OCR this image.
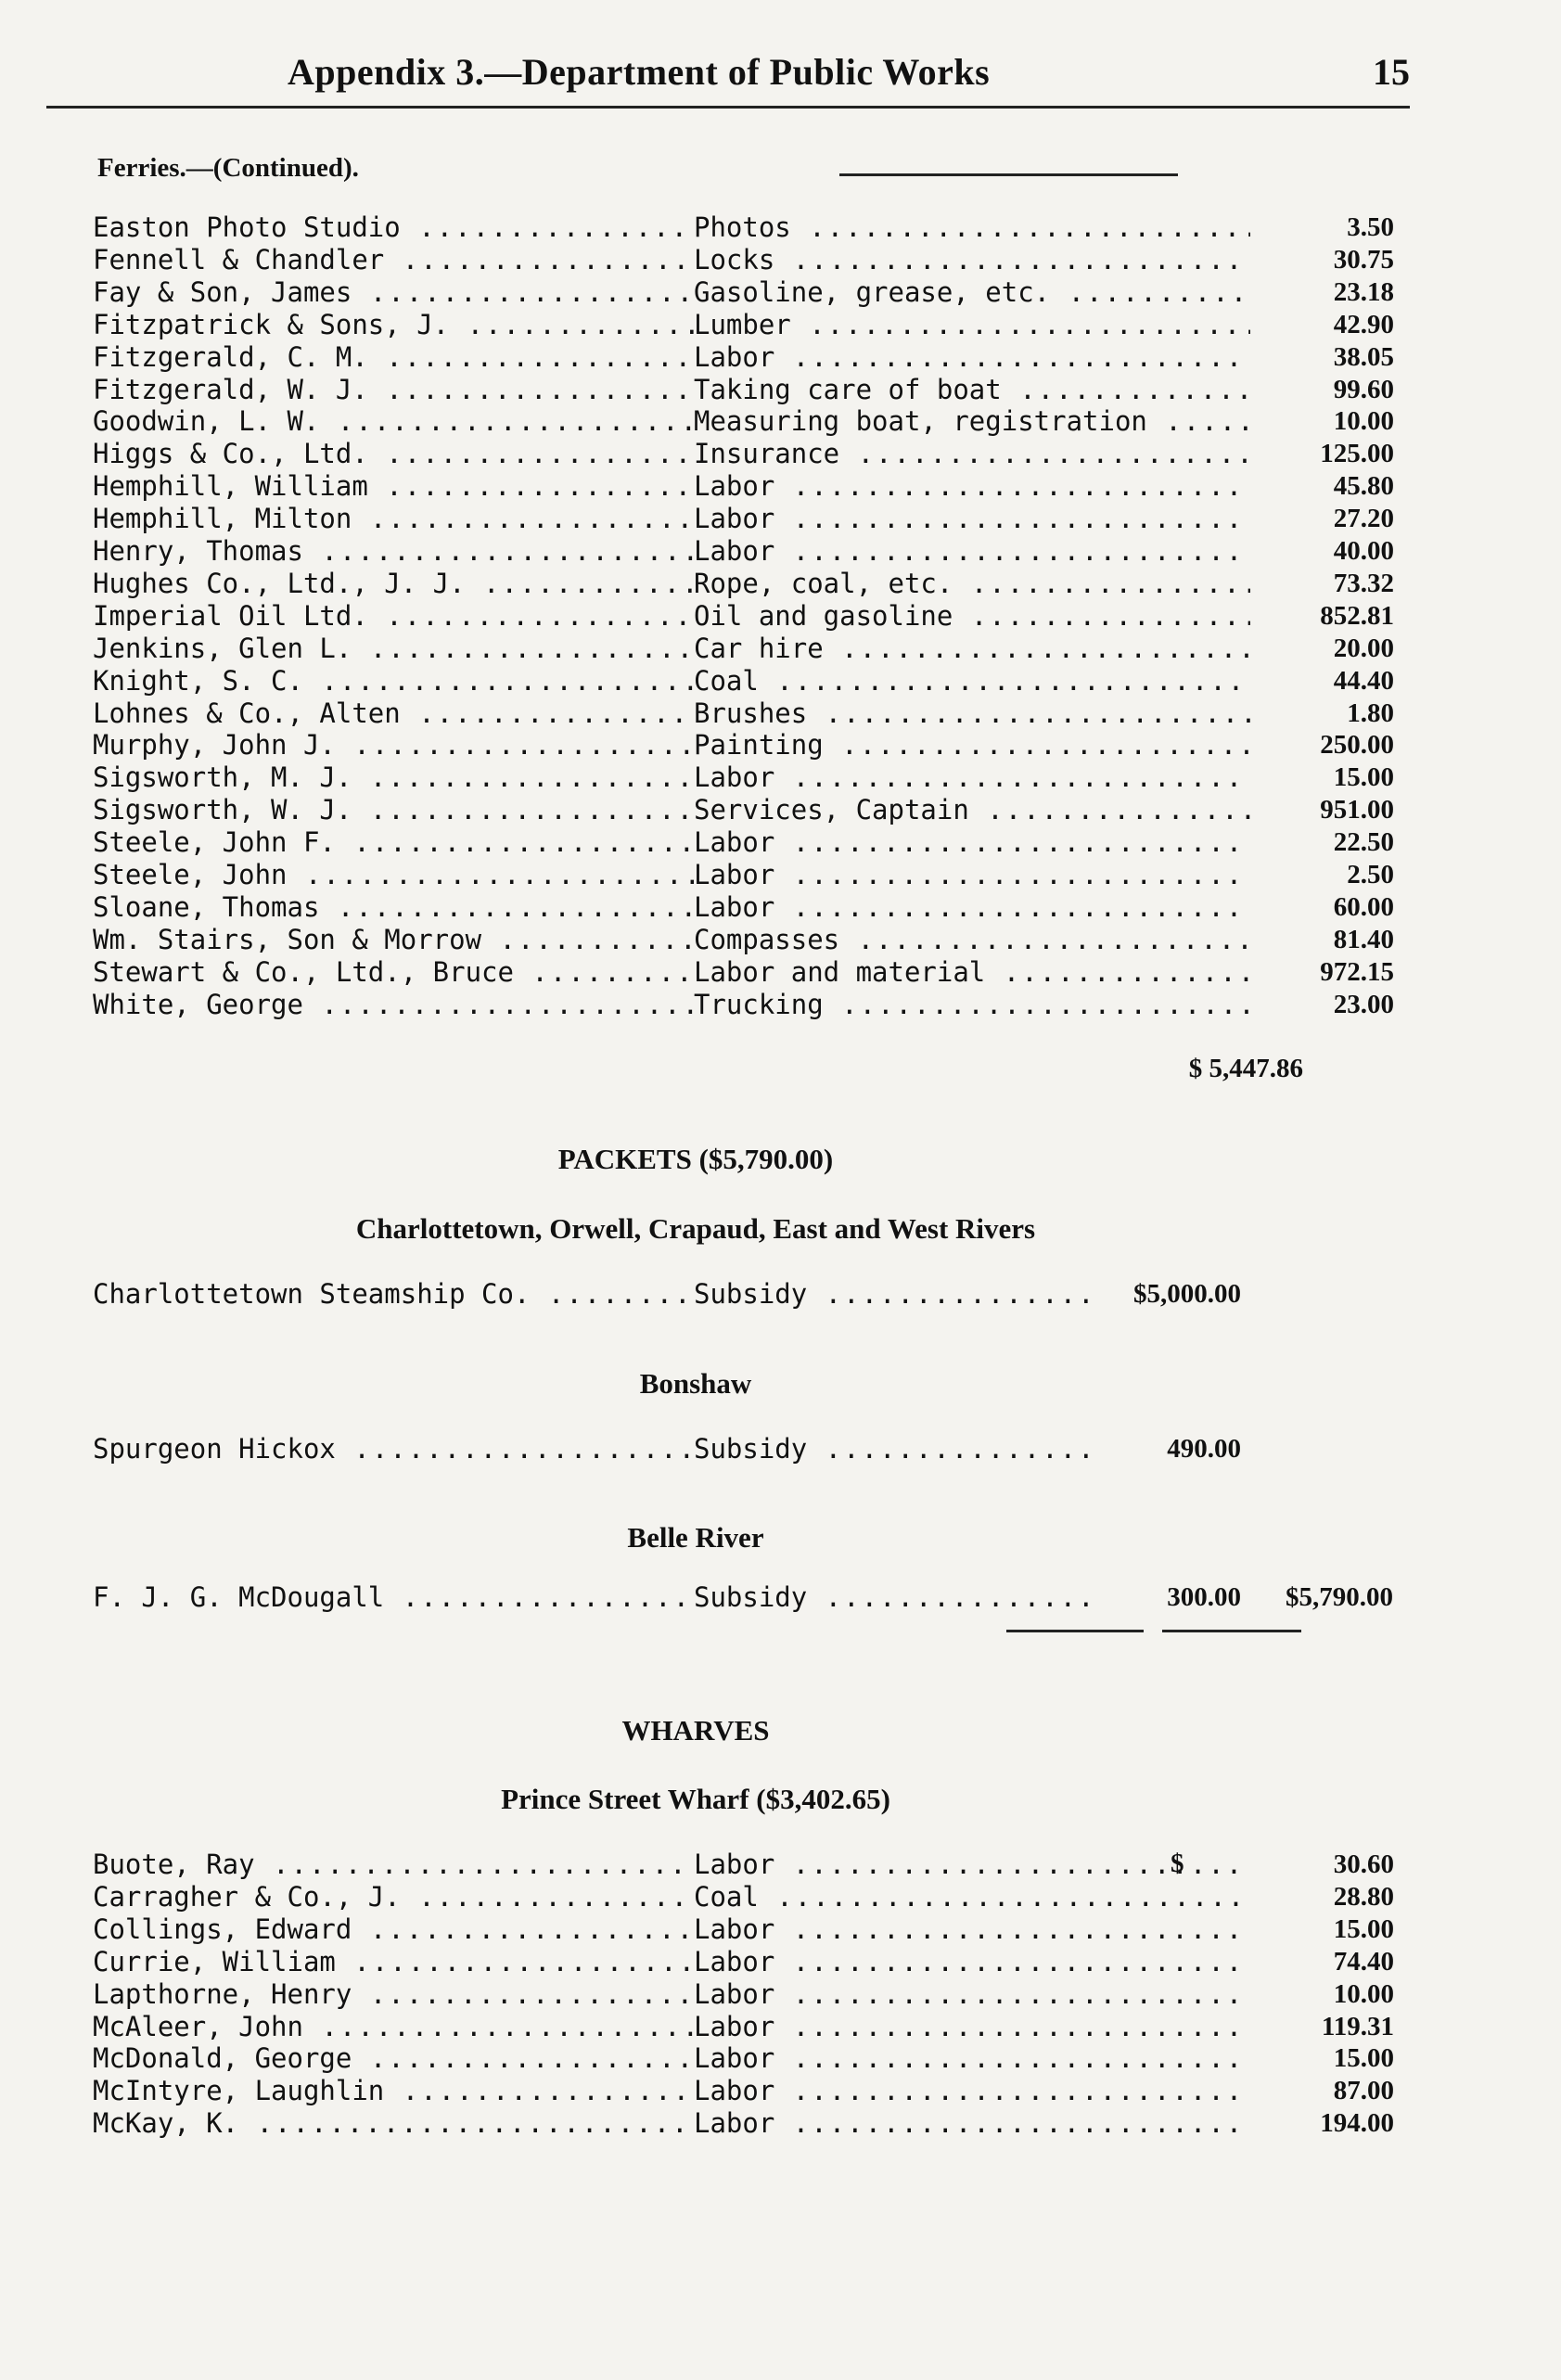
Appendix 3.—Department of Public Works	15
Ferries.—(Continued).
Easton Photo Studio .....	Photos .....	3.50
Fennell & Chandler .....	Locks .....	30.75
Fay & Son, James .....	Gasoline, grease, etc. .....	23.18
Fitzpatrick & Sons, J. .....	Lumber .....	42.90
Fitzgerald, C. M. .....	Labor .....	38.05
Fitzgerald, W. J. .....	Taking care of boat .....	99.60
Goodwin, L. W. .....	Measuring boat, registration .....	10.00
Higgs & Co., Ltd. .....	Insurance .....	125.00
Hemphill, William .....	Labor .....	45.80
Hemphill, Milton .....	Labor .....	27.20
Henry, Thomas .....	Labor .....	40.00
Hughes Co., Ltd., J. J. .....	Rope, coal, etc. .....	73.32
Imperial Oil Ltd. .....	Oil and gasoline .....	852.81
Jenkins, Glen L. .....	Car hire .....	20.00
Knight, S. C. .....	Coal .....	44.40
Lohnes & Co., Alten .....	Brushes .....	1.80
Murphy, John J. .....	Painting .....	250.00
Sigsworth, M. J. .....	Labor .....	15.00
Sigsworth, W. J. .....	Services, Captain .....	951.00
Steele, John F. .....	Labor .....	22.50
Steele, John .....	Labor .....	2.50
Sloane, Thomas .....	Labor .....	60.00
Wm. Stairs, Son & Morrow .....	Compasses .....	81.40
Stewart & Co., Ltd., Bruce .....	Labor and material .....	972.15
White, George .....	Trucking .....	23.00
$ 5,447.86
PACKETS ($5,790.00)
Charlottetown, Orwell, Crapaud, East and West Rivers
Charlottetown Steamship Co. .....	Subsidy .....	$5,000.00
Bonshaw
Spurgeon Hickox .....	Subsidy .....	490.00
Belle River
F. J. G. McDougall .....	Subsidy .....	300.00	$5,790.00
WHARVES
Prince Street Wharf ($3,402.65)
$
Buote, Ray .....	Labor .....	30.60
Carragher & Co., J. .....	Coal .....	28.80
Collings, Edward .....	Labor .....	15.00
Currie, William .....	Labor .....	74.40
Lapthorne, Henry .....	Labor .....	10.00
McAleer, John .....	Labor .....	119.31
McDonald, George .....	Labor .....	15.00
McIntyre, Laughlin .....	Labor .....	87.00
McKay, K. .....	Labor .....	194.00
